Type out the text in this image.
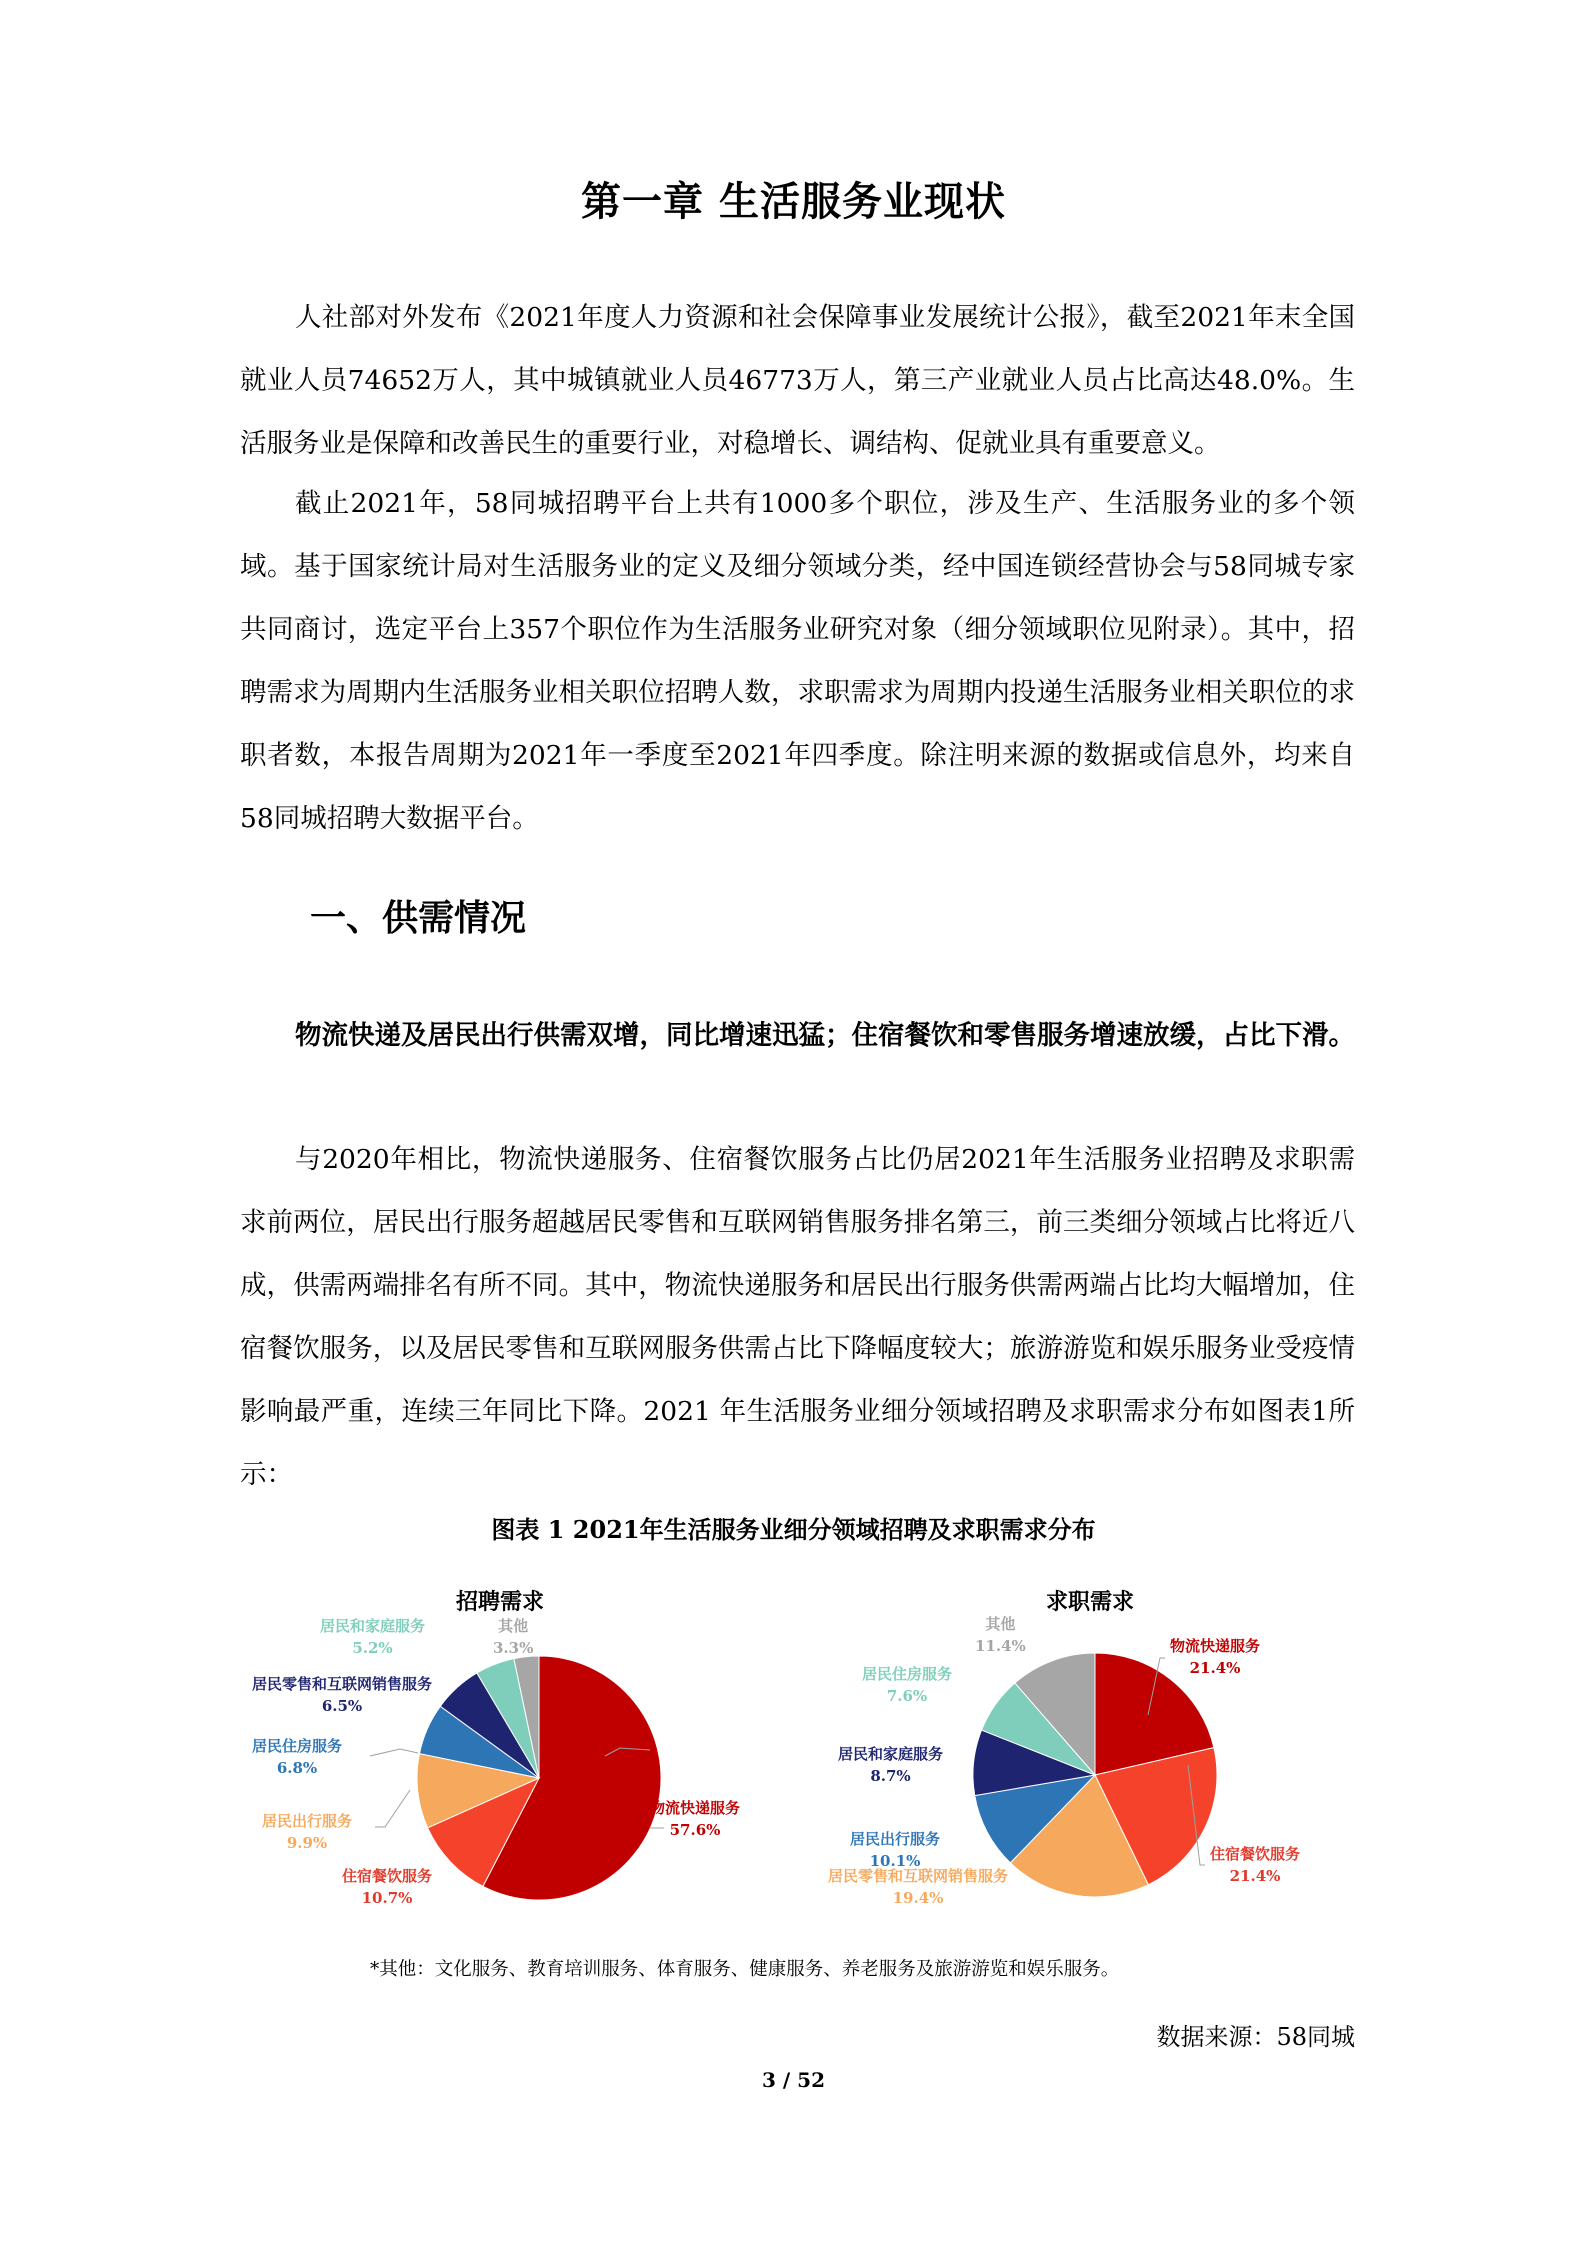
第一章 生活服务业现状

人社部对外发布《2021年度人力资源和社会保障事业发展统计公报》，截至2021年末全国就业人员74652万人，其中城镇就业人员46773万人，第三产业就业人员占比高达48.0%。生活服务业是保障和改善民生的重要行业，对稳增长、调结构、促就业具有重要意义。

截止2021年，58同城招聘平台上共有1000多个职位，涉及生产、生活服务业的多个领域。基于国家统计局对生活服务业的定义及细分领域分类，经中国连锁经营协会与58同城专家共同商讨，选定平台上357个职位作为生活服务业研究对象（细分领域职位见附录）。其中，招聘需求为周期内生活服务业相关职位招聘人数，求职需求为周期内投递生活服务业相关职位的求职者数，本报告周期为2021年一季度至2021年四季度。除注明来源的数据或信息外，均来自58同城招聘大数据平台。

一、供需情况

物流快递及居民出行供需双增，同比增速迅猛；住宿餐饮和零售服务增速放缓，占比下滑。

与2020年相比，物流快递服务、住宿餐饮服务占比仍居2021年生活服务业招聘及求职需求前两位，居民出行服务超越居民零售和互联网销售服务排名第三，前三类细分领域占比将近八成，供需两端排名有所不同。其中，物流快递服务和居民出行服务供需两端占比均大幅增加，住宿餐饮服务，以及居民零售和互联网服务供需占比下降幅度较大；旅游游览和娱乐服务业受疫情影响最严重，连续三年同比下降。2021 年生活服务业细分领域招聘及求职需求分布如图表1所示：

图表 1 2021年生活服务业细分领域招聘及求职需求分布
招聘需求
居民和家庭服务
5.2%
其他
3.3%
居民零售和互联网销售服务
6.5%
居民住房服务
6.8%
居民出行服务
9.9%
住宿餐饮服务
10.7%
物流快递服务
57.6%
求职需求
其他
11.4%	物流快递服务
21.4%
居民住房服务
7.6%
居民和家庭服务
8.7%
居民出行服务
10.1%
居民零售和互联网销售服务
19.4%
住宿餐饮服务
21.4%
*其他：文化服务、教育培训服务、体育服务、健康服务、养老服务及旅游游览和娱乐服务。
数据来源：58同城
3 / 52
